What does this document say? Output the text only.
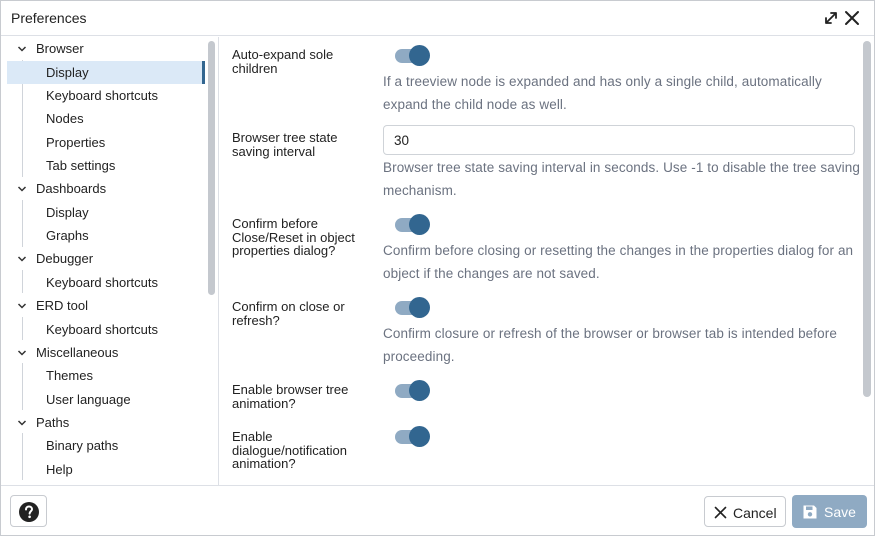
Preferences
Browser
Display
Keyboard shortcuts
Nodes
Properties
Tab settings
Dashboards
Display
Graphs
Debugger
Keyboard shortcuts
ERD tool
Keyboard shortcuts
Miscellaneous
Themes
User language
Paths
Binary paths
Help
Auto-expand sole children
If a treeview node is expanded and has only a single child, automatically expand the child node as well.
Browser tree state saving interval
30
Browser tree state saving interval in seconds. Use -1 to disable the tree saving mechanism.
Confirm before Close/Reset in object properties dialog?	Confirm before closing or resetting the changes in the properties dialog for an object if the changes are not saved.
Confirm on close or refresh?
Confirm closure or refresh of the browser or browser tab is intended before proceeding.
Enable browser tree animation?
Enable dialogue/notification animation?
Cancel	Save
